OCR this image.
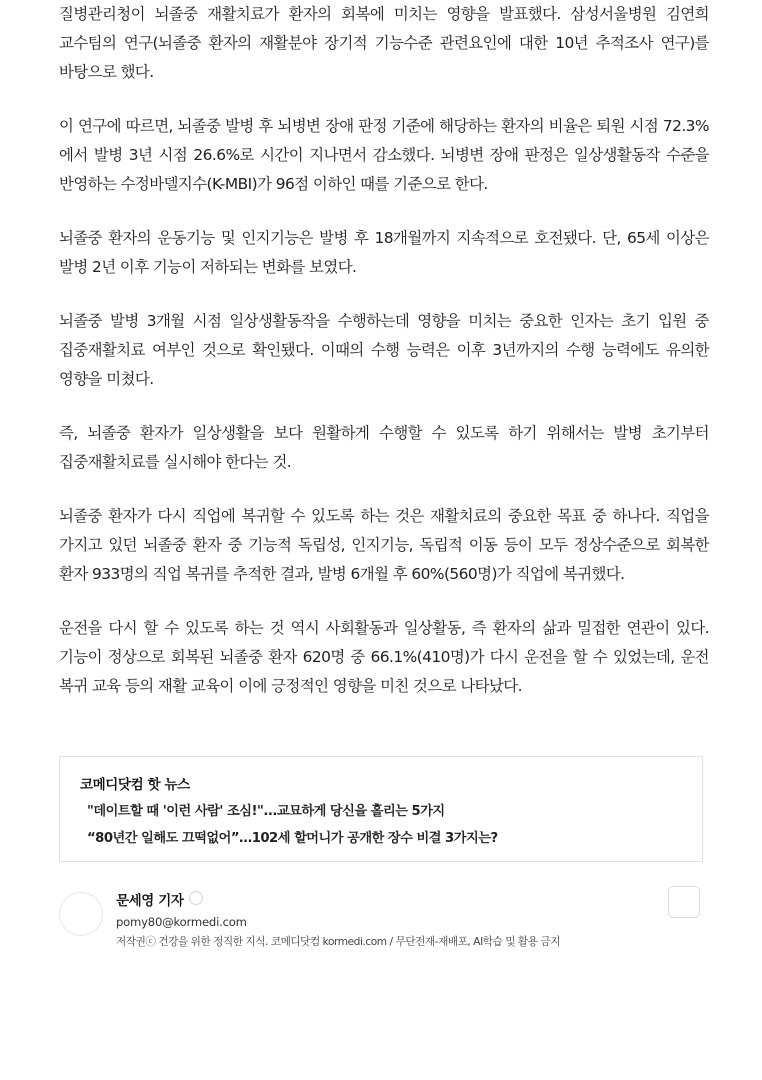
질병관리청이 뇌졸중 재활치료가 환자의 회복에 미치는 영향을 발표했다. 삼성서울병원 김연희 교수팀의 연구(뇌졸중 환자의 재활분야 장기적 기능수준 관련요인에 대한 10년 추적조사 연구)를 바탕으로 했다.

이 연구에 따르면, 뇌졸중 발병 후 뇌병변 장애 판정 기준에 해당하는 환자의 비율은 퇴원 시점 72.3%에서 발병 3년 시점 26.6%로 시간이 지나면서 감소했다. 뇌병변 장애 판정은 일상생활동작 수준을 반영하는 수정바델지수(K-MBI)가 96점 이하인 때를 기준으로 한다.

뇌졸중 환자의 운동기능 및 인지기능은 발병 후 18개월까지 지속적으로 호전됐다. 단, 65세 이상은 발병 2년 이후 기능이 저하되는 변화를 보였다.

뇌졸중 발병 3개월 시점 일상생활동작을 수행하는데 영향을 미치는 중요한 인자는 초기 입원 중 집중재활치료 여부인 것으로 확인됐다. 이때의 수행 능력은 이후 3년까지의 수행 능력에도 유의한 영향을 미쳤다.

즉, 뇌졸중 환자가 일상생활을 보다 원활하게 수행할 수 있도록 하기 위해서는 발병 초기부터 집중재활치료를 실시해야 한다는 것.

뇌졸중 환자가 다시 직업에 복귀할 수 있도록 하는 것은 재활치료의 중요한 목표 중 하나다. 직업을 가지고 있던 뇌졸중 환자 중 기능적 독립성, 인지기능, 독립적 이동 등이 모두 정상수준으로 회복한 환자 933명의 직업 복귀를 추적한 결과, 발병 6개월 후 60%(560명)가 직업에 복귀했다.

운전을 다시 할 수 있도록 하는 것 역시 사회활동과 일상활동, 즉 환자의 삶과 밀접한 연관이 있다. 기능이 정상으로 회복된 뇌졸중 환자 620명 중 66.1%(410명)가 다시 운전을 할 수 있었는데, 운전 복귀 교육 등의 재활 교육이 이에 긍정적인 영향을 미친 것으로 나타났다.

코메디닷컴 핫 뉴스
"데이트할 때 '이런 사람' 조심!"...교묘하게 당신을 홀리는 5가지
“80년간 일해도 끄떡없어”…102세 할머니가 공개한 장수 비결 3가지는?
문세영 기자
pomy80@kormedi.com
저작권ⓒ 건강을 위한 정직한 지식. 코메디닷컴 kormedi.com / 무단전재-재배포, AI학습 및 활용 금지
